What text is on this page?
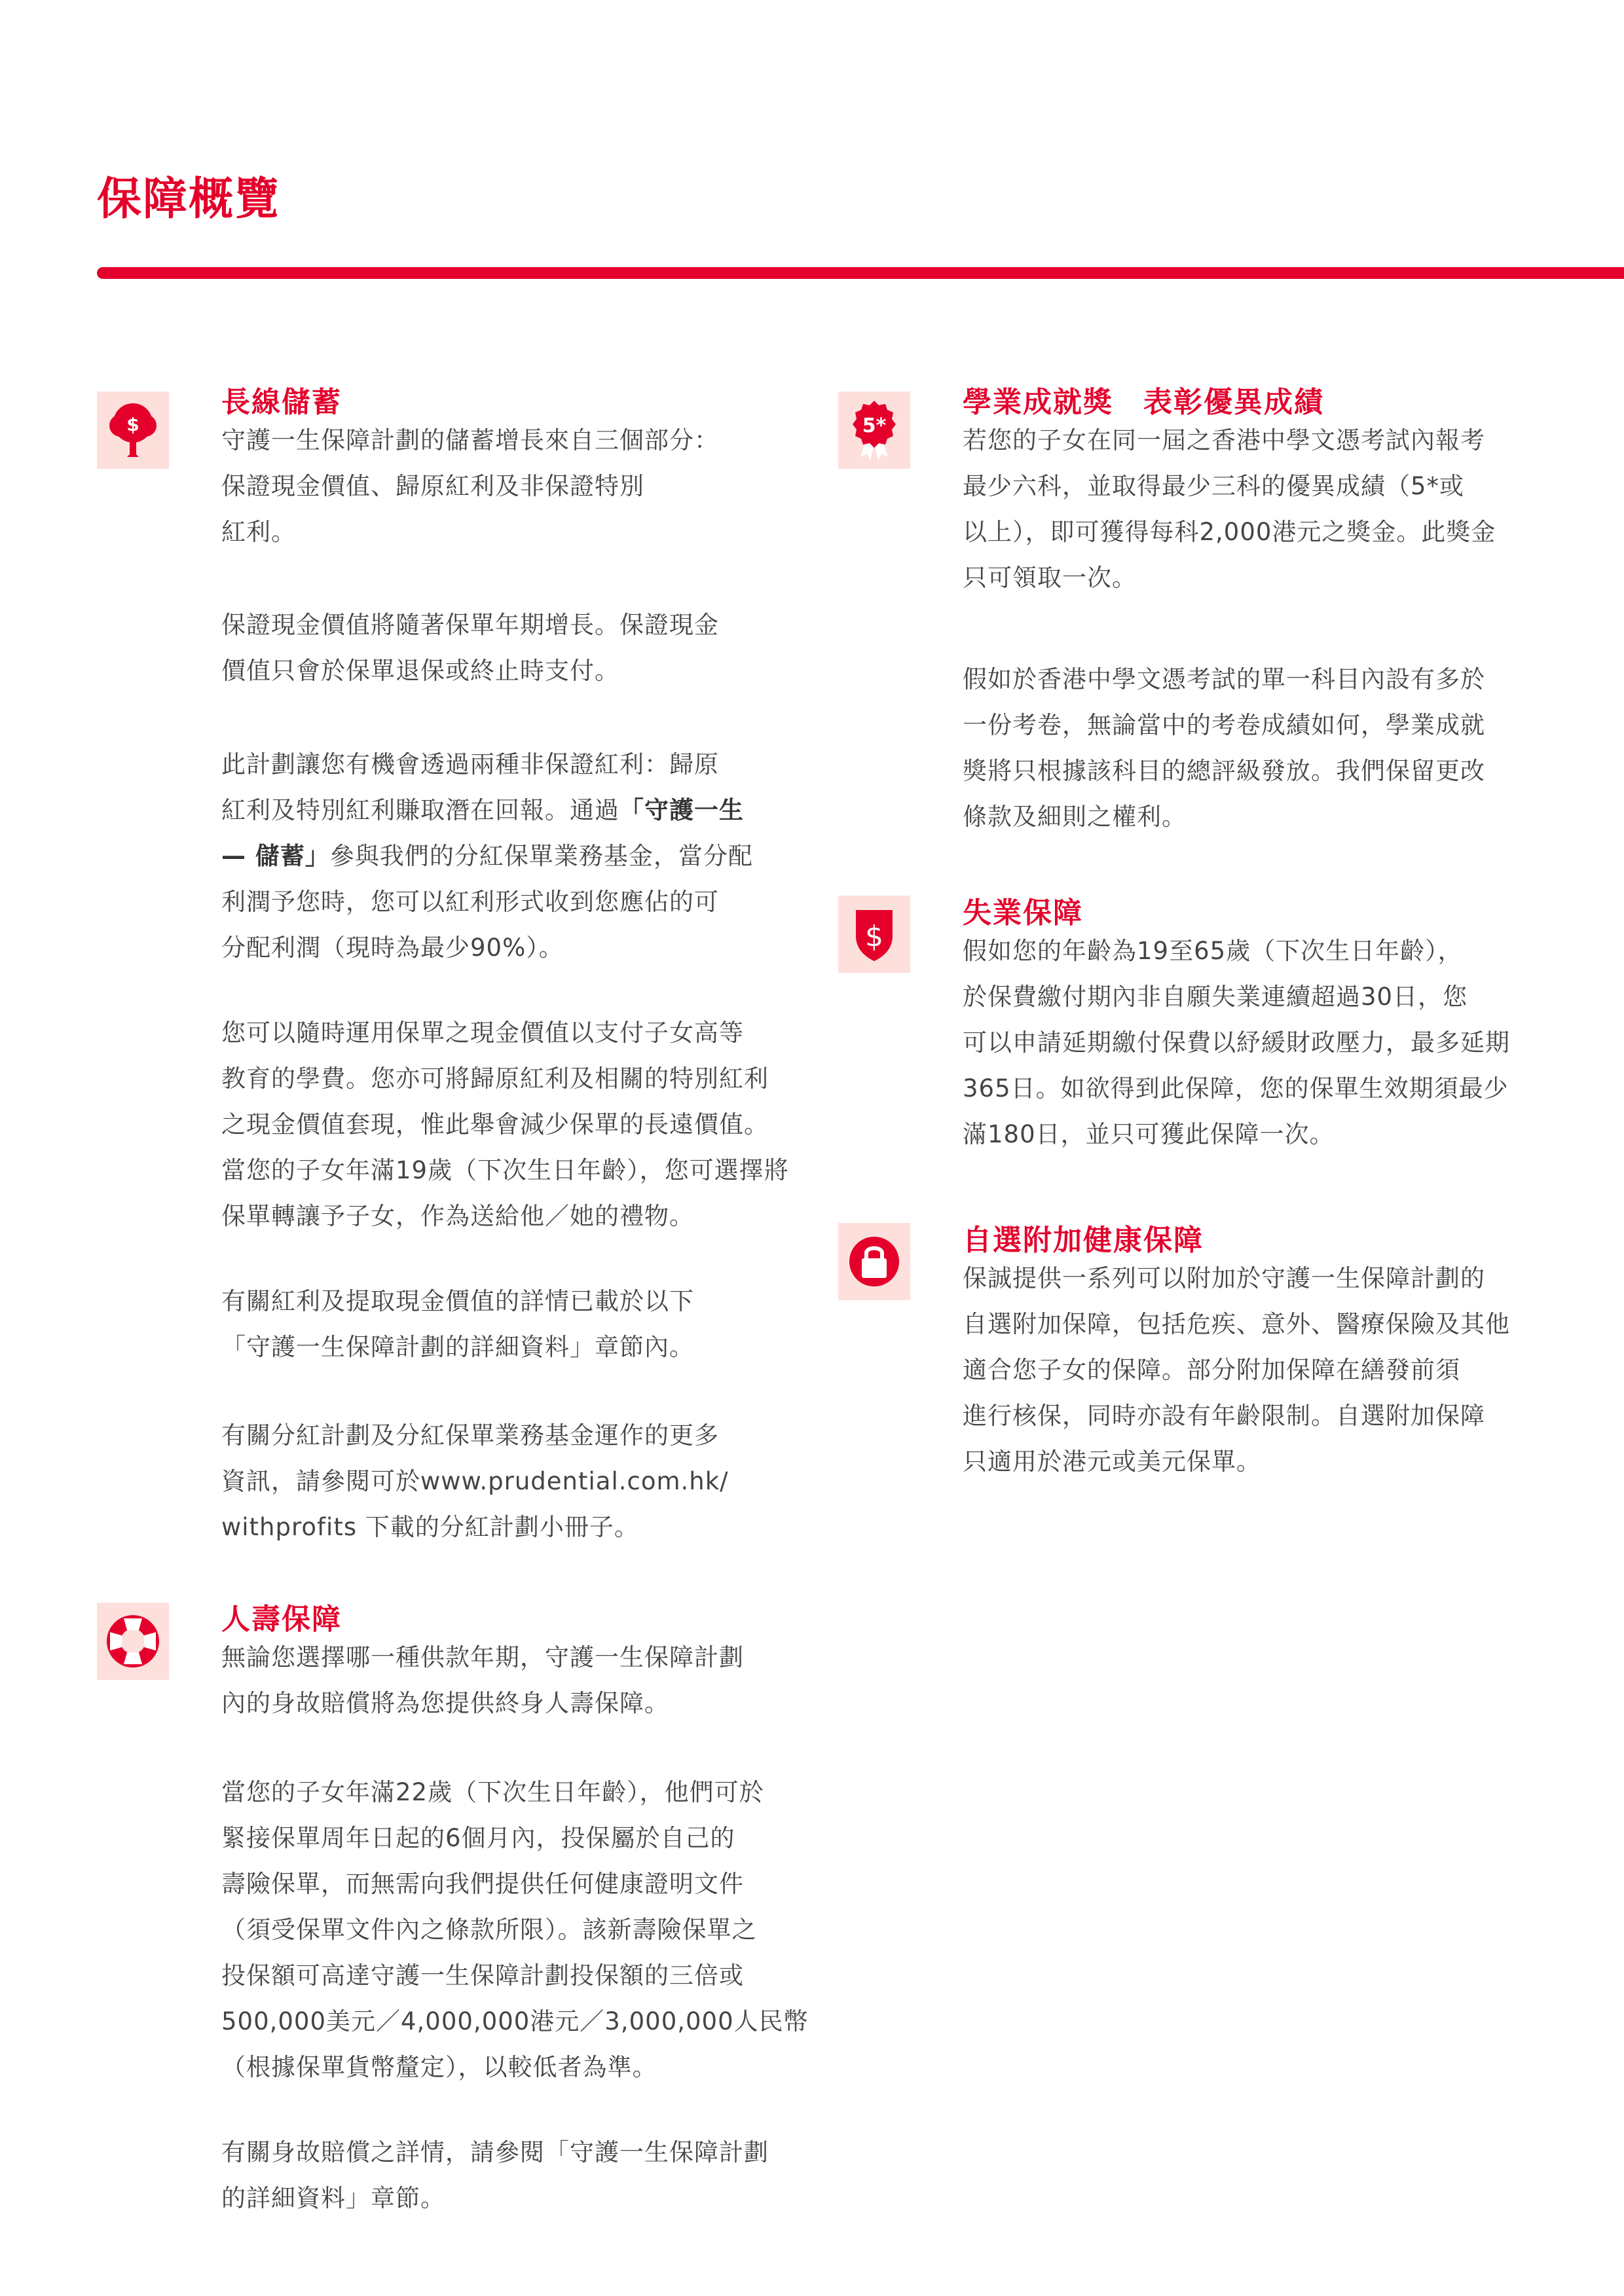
保障概覽
$
長線儲蓄
守護一生保障計劃的儲蓄增長來自三個部分：
保證現金價值、歸原紅利及非保證特別
紅利。
保證現金價值將隨著保單年期增長。保證現金
價值只會於保單退保或終止時支付。
此計劃讓您有機會透過兩種非保證紅利：歸原
紅利及特別紅利賺取潛在回報。通過「守護一生
— 儲蓄」參與我們的分紅保單業務基金，當分配
利潤予您時，您可以紅利形式收到您應佔的可
分配利潤（現時為最少90%）。
您可以隨時運用保單之現金價值以支付子女高等
教育的學費。您亦可將歸原紅利及相關的特別紅利
之現金價值套現，惟此舉會減少保單的長遠價值。
當您的子女年滿19歲（下次生日年齡），您可選擇將
保單轉讓予子女，作為送給他／她的禮物。
有關紅利及提取現金價值的詳情已載於以下
「守護一生保障計劃的詳細資料」章節內。
有關分紅計劃及分紅保單業務基金運作的更多
資訊，請參閱可於www.prudential.com.hk/
withprofits 下載的分紅計劃小冊子。
人壽保障
無論您選擇哪一種供款年期，守護一生保障計劃
內的身故賠償將為您提供終身人壽保障。
當您的子女年滿22歲（下次生日年齡），他們可於
緊接保單周年日起的6個月內，投保屬於自己的
壽險保單，而無需向我們提供任何健康證明文件
（須受保單文件內之條款所限）。該新壽險保單之
投保額可高達守護一生保障計劃投保額的三倍或
500,000美元／4,000,000港元／3,000,000人民幣
（根據保單貨幣釐定），以較低者為準。
有關身故賠償之詳情，請參閱「守護一生保障計劃
的詳細資料」章節。
5*
學業成就獎　表彰優異成績
若您的子女在同一屆之香港中學文憑考試內報考
最少六科，並取得最少三科的優異成績（5*或
以上），即可獲得每科2,000港元之獎金。此獎金
只可領取一次。
假如於香港中學文憑考試的單一科目內設有多於
一份考卷，無論當中的考卷成績如何，學業成就
獎將只根據該科目的總評級發放。我們保留更改
條款及細則之權利。
$
失業保障
假如您的年齡為19至65歲（下次生日年齡），
於保費繳付期內非自願失業連續超過30日，您
可以申請延期繳付保費以紓緩財政壓力，最多延期
365日。如欲得到此保障，您的保單生效期須最少
滿180日，並只可獲此保障一次。
自選附加健康保障
保誠提供一系列可以附加於守護一生保障計劃的
自選附加保障，包括危疾、意外、醫療保險及其他
適合您子女的保障。部分附加保障在繕發前須
進行核保，同時亦設有年齡限制。自選附加保障
只適用於港元或美元保單。
